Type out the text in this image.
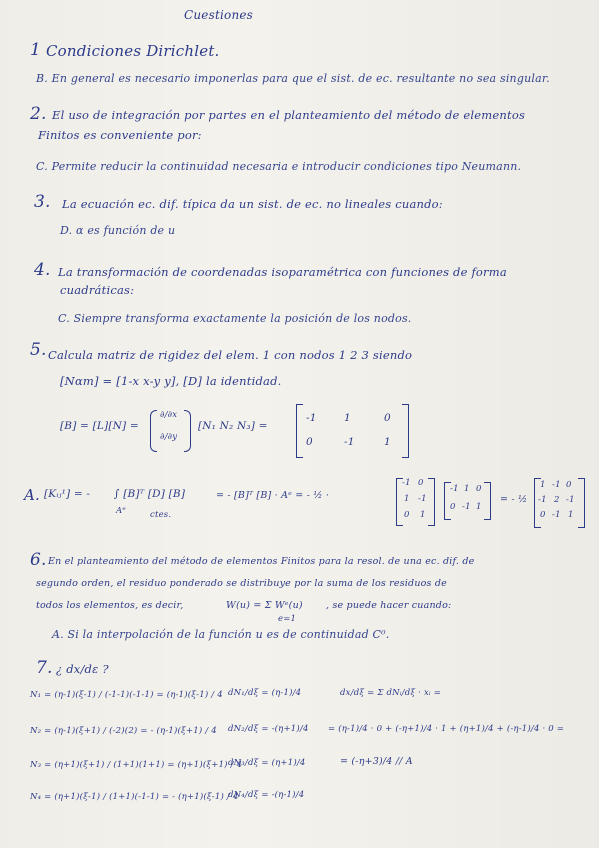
Cuestiones
1 Condiciones Dirichlet.
B. En general es necesario imponerlas para que el sist. de ec. resultante no sea singular.
2. El uso de integración por partes en el planteamiento del método de elementos
Finitos es conveniente por:
C. Permite reducir la continuidad necesaria e introducir condiciones tipo Neumann.
3. La ecuación ec. dif. típica da un sist. de ec. no lineales cuando:
D. α es función de u
4. La transformación de coordenadas isoparamétrica con funciones de forma
cuadráticas:
C. Siempre transforma exactamente la posición de los nodos.
5. Calcula matriz de rigidez del elem. 1 con nodos 1 2 3 siendo
[Nαm] = [1-x x-y y], [D] la identidad.
[B] = [L][N] =
∂/∂x
∂/∂y
[N₁ N₂ N₃] =
-1	1	0
0	-1	1
A. [Kᵢⱼ¹] = - ∫ [B]ᵀ [D] [B]
Aᵉ	ctes.
= - [B]ᵀ [B] · Aᵉ = - ½ ·
-1 0
1 -1
0 1
-1 1 0
0 -1 1
= - ½
1 -1 0
-1 2 -1
0 -1 1
6. En el planteamiento del método de elementos Finitos para la resol. de una ec. dif. de
segundo orden, el residuo ponderado se distribuye por la suma de los residuos de
todos los elementos, es decir,	W(u) = Σ Wᵉ(u)
e=1
, se puede hacer cuando:
A. Si la interpolación de la función u es de continuidad C⁰.
7. ¿ dx/dε ?
N₁ = (η-1)(ξ-1) / (-1-1)(-1-1) = (η-1)(ξ-1) / 4
N₂ = (η-1)(ξ+1) / (-2)(2) = - (η-1)(ξ+1) / 4
N₃ = (η+1)(ξ+1) / (1+1)(1+1) = (η+1)(ξ+1) / 4
N₄ = (η+1)(ξ-1) / (1+1)(-1-1) = - (η+1)(ξ-1) / 4
dN₁/dξ = (η-1)/4
dN₂/dξ = -(η+1)/4
dN₃/dξ = (η+1)/4
dN₄/dξ = -(η-1)/4
dx/dξ = Σ dNᵢ/dξ · xᵢ =
= (η-1)/4 · 0 + (-η+1)/4 · 1 + (η+1)/4 + (-η-1)/4 · 0 =
= (-η+3)/4 // A
